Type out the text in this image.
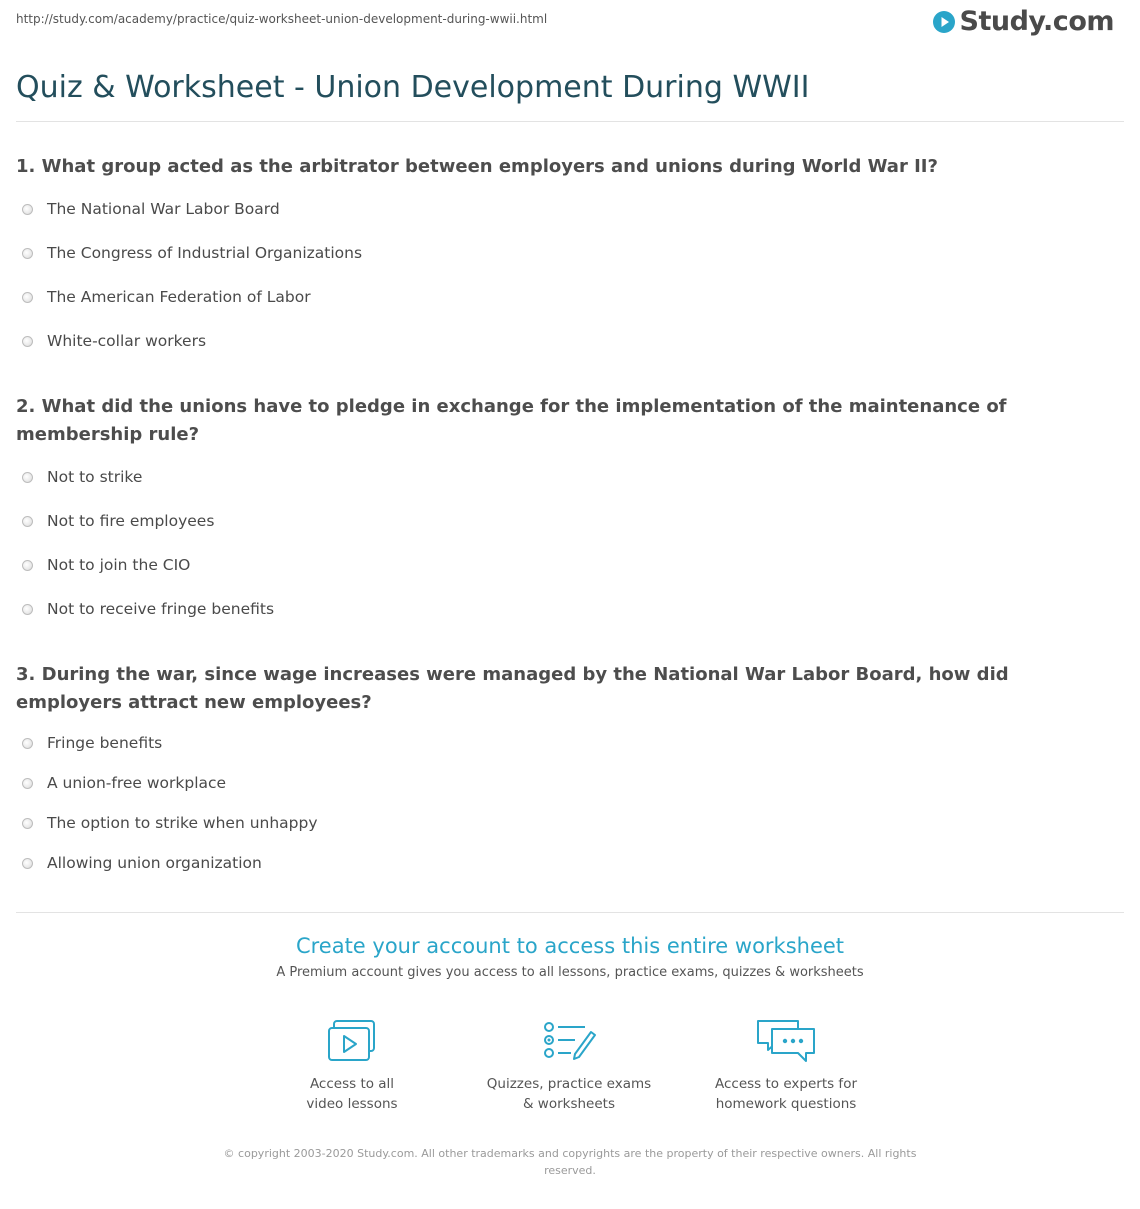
http://study.com/academy/practice/quiz-worksheet-union-development-during-wwii.html	Study.com
Quiz & Worksheet - Union Development During WWII
1. What group acted as the arbitrator between employers and unions during World War II?
The National War Labor Board
The Congress of Industrial Organizations
The American Federation of Labor
White-collar workers
2. What did the unions have to pledge in exchange for the implementation of the maintenance of membership rule?
Not to strike
Not to fire employees
Not to join the CIO
Not to receive fringe benefits
3. During the war, since wage increases were managed by the National War Labor Board, how did employers attract new employees?
Fringe benefits
A union-free workplace
The option to strike when unhappy
Allowing union organization
Create your account to access this entire worksheet
A Premium account gives you access to all lessons, practice exams, quizzes & worksheets
Access to all
video lessons
Quizzes, practice exams
& worksheets
Access to experts for
homework questions
© copyright 2003-2020 Study.com. All other trademarks and copyrights are the property of their respective owners. All rights reserved.
